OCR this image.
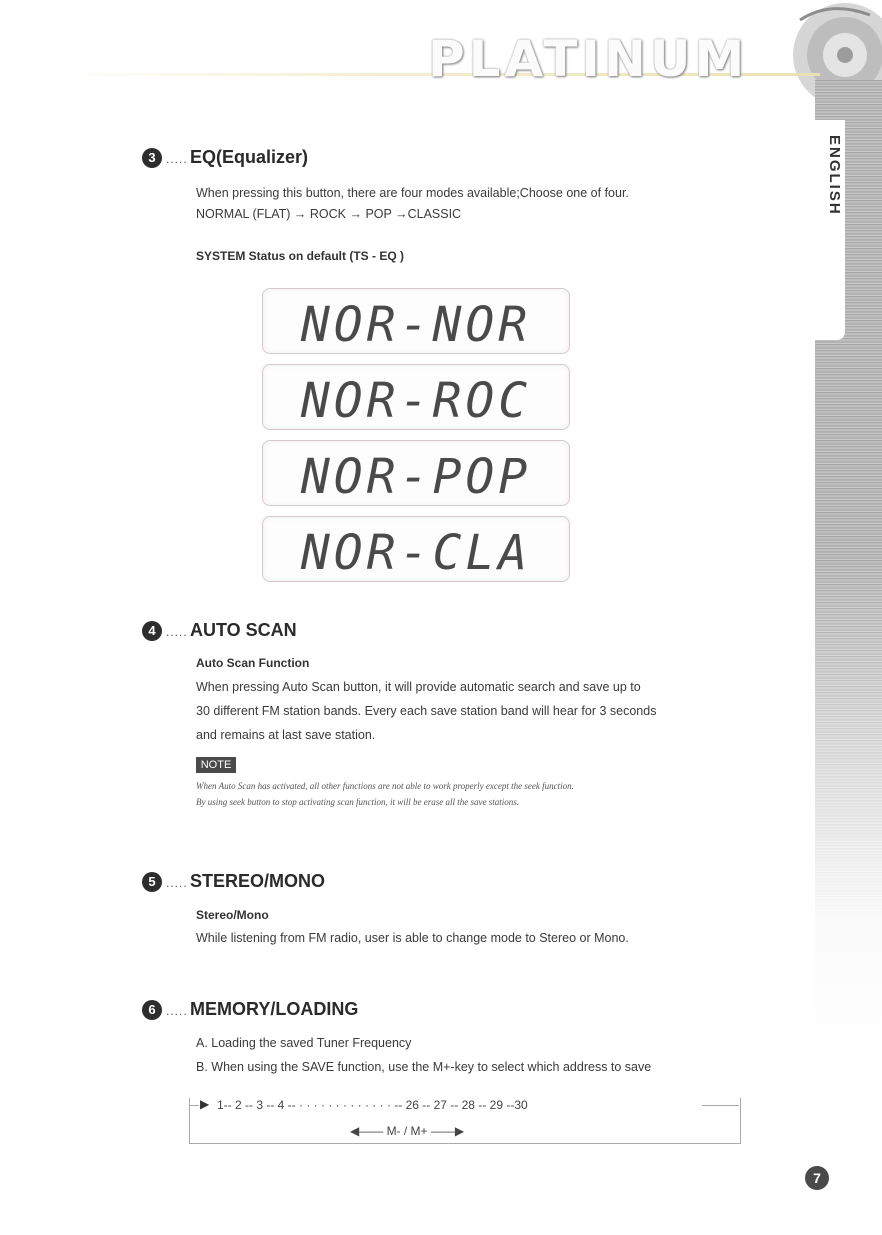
PLATINUM
ENGLISH
3 ..... EQ(Equalizer)
When pressing this button, there are four modes available;Choose one of four.
NORMAL (FLAT) → ROCK → POP →CLASSIC
SYSTEM Status on default (TS - EQ )
NOR-NOR
NOR-ROC
NOR-POP
NOR-CLA
4 ..... AUTO SCAN
Auto Scan Function
When pressing Auto Scan button, it will provide automatic search and save up to
30 different FM station bands. Every each save station band will hear for 3 seconds
and remains at last save station.
NOTE
When Auto Scan has activated, all other functions are not able to work properly except the seek function.
By using seek button to stop activating scan function, it will be erase all the save stations.
5 ..... STEREO/MONO
Stereo/Mono
While listening from FM radio, user is able to change mode to Stereo or Mono.
6 ..... MEMORY/LOADING
A. Loading the saved Tuner Frequency
B. When using the SAVE function, use the M+-key to select which address to save
▶ 1-- 2 -- 3 -- 4 -- · · · · · · · · · · · · · -- 26 -- 27 -- 28 -- 29 --30
◀—— M- / M+ ——▶
7
